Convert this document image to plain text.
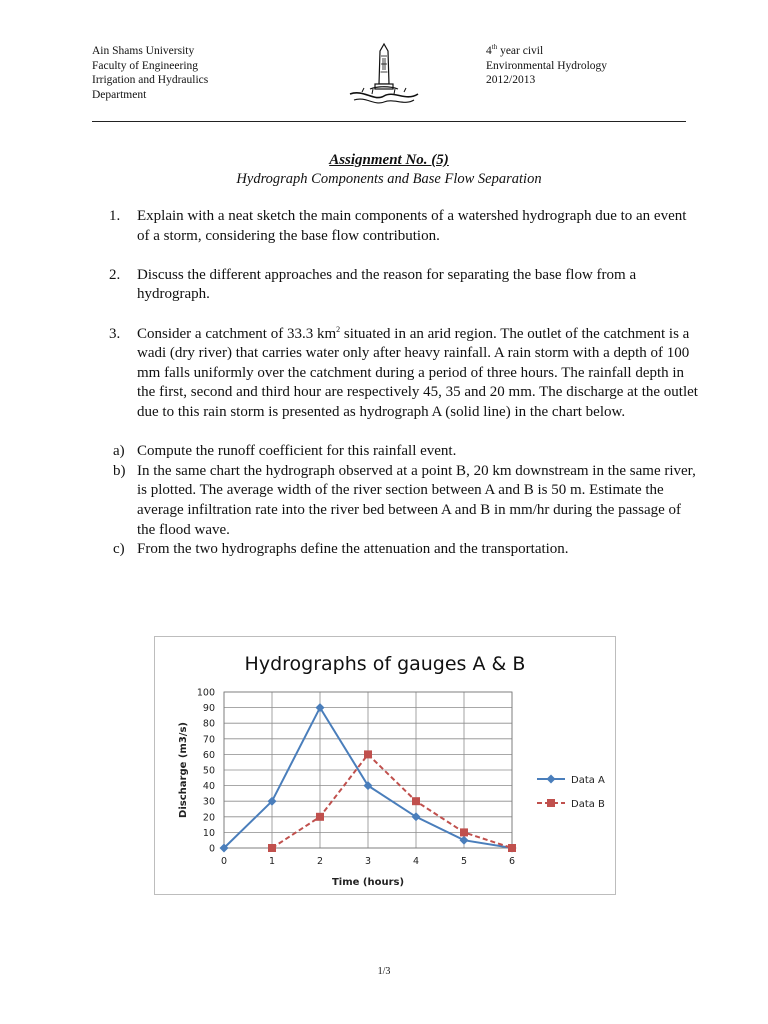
Ain Shams University
Faculty of Engineering
Irrigation and Hydraulics
Department
4th year civil
Environmental Hydrology
2012/2013
Assignment No. (5)
Hydrograph Components and Base Flow Separation
1. Explain with a neat sketch the main components of a watershed hydrograph due to an event of a storm, considering the base flow contribution.
2. Discuss the different approaches and the reason for separating the base flow from a hydrograph.
3. Consider a catchment of 33.3 $km^2$ situated in an arid region. The outlet of the catchment is a wadi (dry river) that carries water only after heavy rainfall. A rain storm with a depth of 100 mm falls uniformly over the catchment during a period of three hours. The rainfall depth in the first, second and third hour are respectively 45, 35 and 20 mm. The discharge at the outlet due to this rain storm is presented as hydrograph A (solid line) in the chart below.
a) Compute the runoff coefficient for this rainfall event.
b) In the same chart the hydrograph observed at a point B, 20 km downstream in the same river, is plotted. The average width of the river section between A and B is 50 m. Estimate the average infiltration rate into the river bed between A and B in mm/hr during the passage of the flood wave.
c) From the two hydrographs define the attenuation and the transportation.
Hydrographs of gauges A & B
0
10
20
30
40
50
60
70
80
90
100
0	1	2	3	4	5	6
Time (hours)
Discharge (m3/s)	Data A
Data B
1/3
